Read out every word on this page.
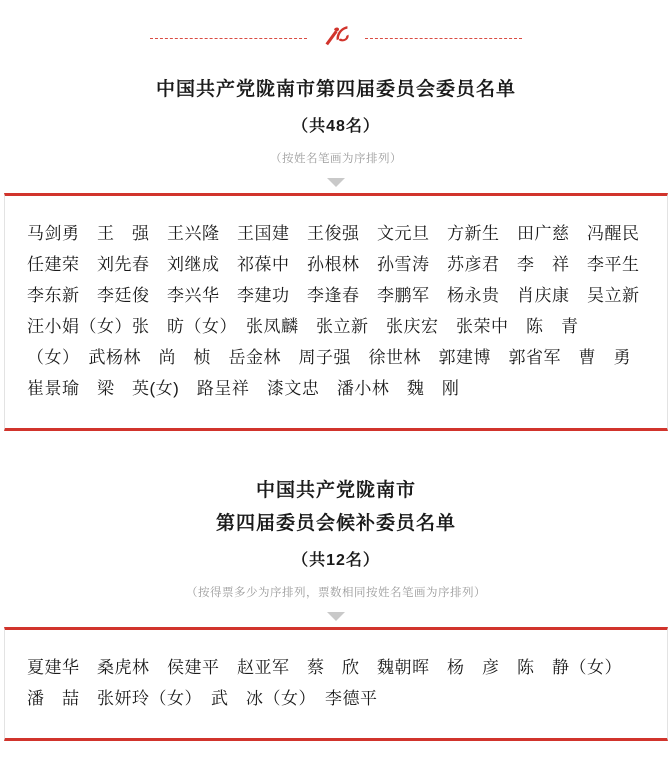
中国共产党陇南市第四届委员会委员名单
（共48名）
（按姓名笔画为序排列）
马剑勇　王　强　王兴隆　王国建　王俊强　文元旦　方新生　田广慈　冯醒民
任建荣　刘先春　刘继成　祁葆中　孙根林　孙雪涛　苏彦君　李　祥　李平生
李东新　李廷俊　李兴华　李建功　李逢春　李鹏军　杨永贵　肖庆康　吴立新
汪小娟（女）张　昉（女）　张凤麟　张立新　张庆宏　张荣中　陈　青
（女）　武杨林　尚　桢　岳金林　周子强　徐世林　郭建博　郭省军　曹　勇
崔景瑜　梁　英(女)　路呈祥　漆文忠　潘小林　魏　刚
中国共产党陇南市
第四届委员会候补委员名单
（共12名）
（按得票多少为序排列，票数相同按姓名笔画为序排列）
夏建华　桑虎林　侯建平　赵亚军　蔡　欣　魏朝晖　杨　彦　陈　静（女）
潘　喆　张妍玲（女）　武　冰（女）　李德平
